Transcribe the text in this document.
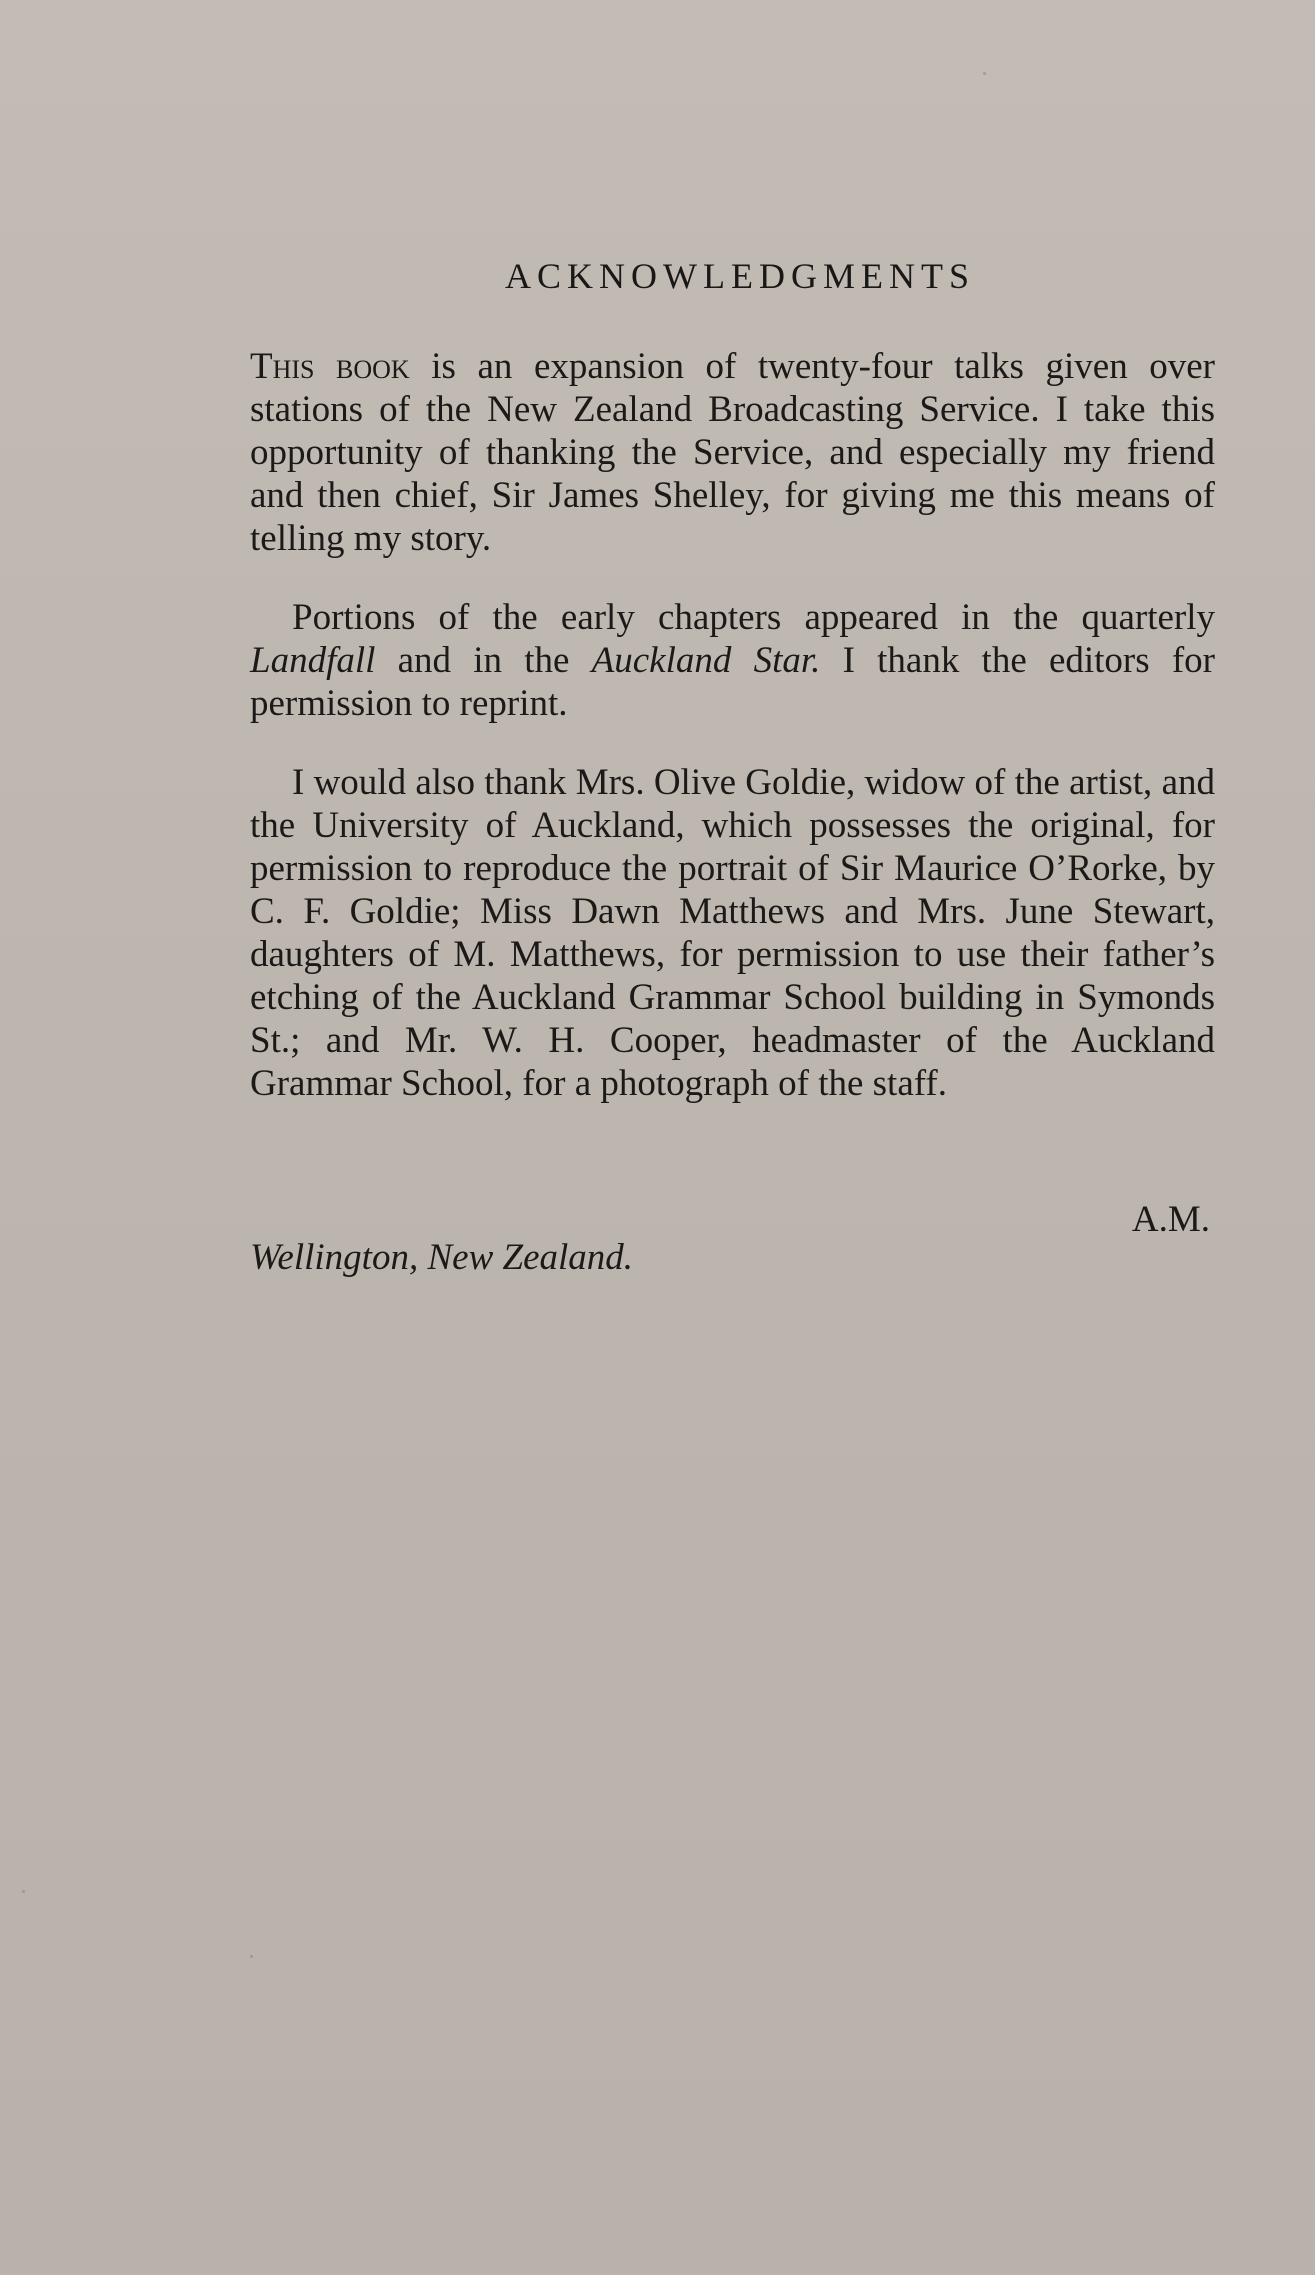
ACKNOWLEDGMENTS

This book is an expansion of twenty-four talks given over stations of the New Zealand Broadcasting Service. I take this opportunity of thanking the Service, and especially my friend and then chief, Sir James Shelley, for giving me this means of telling my story.

Portions of the early chapters appeared in the quarterly Landfall and in the Auckland Star. I thank the editors for permission to reprint.

I would also thank Mrs. Olive Goldie, widow of the artist, and the University of Auckland, which possesses the original, for permission to reproduce the portrait of Sir Maurice O’Rorke, by C. F. Goldie; Miss Dawn Matthews and Mrs. June Stewart, daughters of M. Matthews, for permission to use their father’s etching of the Auckland Grammar School building in Symonds St.; and Mr. W. H. Cooper, headmaster of the Auckland Grammar School, for a photograph of the staff.

A.M.
Wellington, New Zealand.
